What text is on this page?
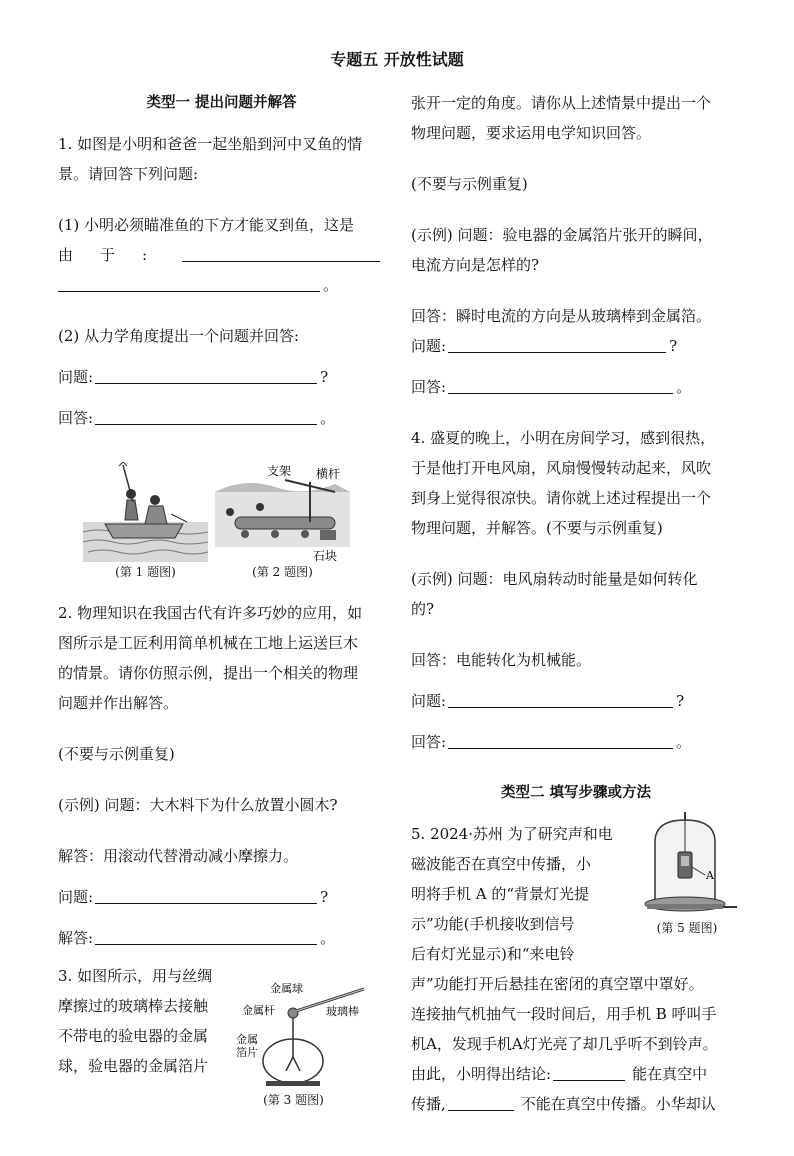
专题五 开放性试题
类型一 提出问题并解答
1. 如图是小明和爸爸一起坐船到河中叉鱼的情
景。请回答下列问题:
(1) 小明必须瞄准鱼的下方才能叉到鱼，这是
由	于	:
。
(2) 从力学角度提出一个问题并回答:
问题:	?
回答:	。
(第 1 题图)
支架 横杆
石块
(第 2 题图)
2. 物理知识在我国古代有许多巧妙的应用，如
图所示是工匠利用简单机械在工地上运送巨木
的情景。请你仿照示例，提出一个相关的物理
问题并作出解答。
(不要与示例重复)
(示例) 问题：大木料下为什么放置小圆木?
解答：用滚动代替滑动减小摩擦力。
问题:	?
解答:	。
3. 如图所示，用与丝绸
摩擦过的玻璃棒去接触
不带电的验电器的金属
球，验电器的金属箔片
金属球
金属杆	玻璃棒
金属
箔片
(第 3 题图)
张开一定的角度。请你从上述情景中提出一个
物理问题，要求运用电学知识回答。
(不要与示例重复)
(示例) 问题：验电器的金属箔片张开的瞬间，
电流方向是怎样的?
回答：瞬时电流的方向是从玻璃棒到金属箔。
问题:	?
回答:	。
4. 盛夏的晚上，小明在房间学习，感到很热，
于是他打开电风扇，风扇慢慢转动起来，风吹
到身上觉得很凉快。请你就上述过程提出一个
物理问题，并解答。(不要与示例重复)
(示例) 问题：电风扇转动时能量是如何转化
的?
回答：电能转化为机械能。
问题:	?
回答:	。
类型二 填写步骤或方法
5. 2024·苏州 为了研究声和电
磁波能否在真空中传播，小
明将手机 A 的“背景灯光提
示”功能(手机接收到信号
后有灯光显示)和“来电铃
声”功能打开后悬挂在密闭的真空罩中罩好。
连接抽气机抽气一段时间后，用手机 B 呼叫手
机A，发现手机A灯光亮了却几乎听不到铃声。
由此，小明得出结论:	能在真空中
传播,	不能在真空中传播。小华却认
A
(第 5 题图)
